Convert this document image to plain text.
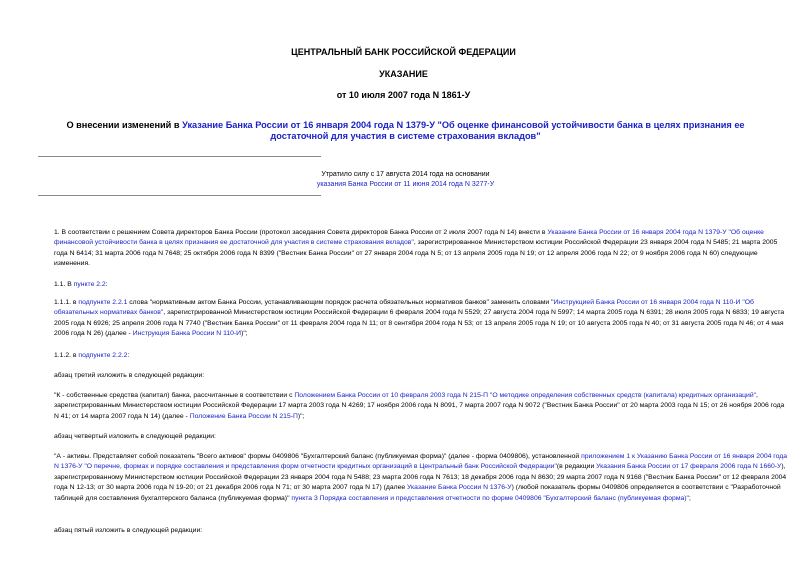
ЦЕНТРАЛЬНЫЙ БАНК РОССИЙСКОЙ ФЕДЕРАЦИИ
УКАЗАНИЕ
от 10 июля 2007 года N 1861-У
О внесении изменений в Указание Банка России от 16 января 2004 года N 1379-У "Об оценке финансовой устойчивости банка в целях признания ее достаточной для участия в системе страхования вкладов"
Утратило силу с 17 августа 2014 года на основании
указания Банка России от 11 июня 2014 года N 3277-У
1. В соответствии с решением Совета директоров Банка России (протокол заседания Совета директоров Банка России от 2 июля 2007 года N 14) внести в Указание Банка России от 16 января 2004 года N 1379-У "Об оценке финансовой устойчивости банка в целях признания ее достаточной для участия в системе страхования вкладов", зарегистрированное Министерством юстиции Российской Федерации 23 января 2004 года N 5485; 21 марта 2005 года N 6414; 31 марта 2006 года N 7648; 25 октября 2006 года N 8399 ("Вестник Банка России" от 27 января 2004 года N 5; от 13 апреля 2005 года N 19; от 12 апреля 2006 года N 22; от 9 ноября 2006 года N 60) следующие изменения.
1.1. В пункте 2.2:
1.1.1. в подпункте 2.2.1 слова "нормативным актом Банка России, устанавливающим порядок расчета обязательных нормативов банков" заменить словами "Инструкцией Банка России от 16 января 2004 года N 110-И "Об обязательных нормативах банков", зарегистрированной Министерством юстиции Российской Федерации 6 февраля 2004 года N 5529; 27 августа 2004 года N 5997; 14 марта 2005 года N 6391; 28 июля 2005 года N 6833; 19 августа 2005 года N 6926; 25 апреля 2006 года N 7740 ("Вестник Банка России" от 11 февраля 2004 года N 11; от 8 сентября 2004 года N 53; от 13 апреля 2005 года N 19; от 10 августа 2005 года N 40; от 31 августа 2005 года N 46; от 4 мая 2006 года N 26) (далее - Инструкция Банка России N 110-И)";
1.1.2. в подпункте 2.2.2:
абзац третий изложить в следующей редакции:
"К - собственные средства (капитал) банка, рассчитанные в соответствии с Положением Банка России от 10 февраля 2003 года N 215-П "О методике определения собственных средств (капитала) кредитных организаций", зарегистрированным Министерством юстиции Российской Федерации 17 марта 2003 года N 4269; 17 ноября 2006 года N 8091, 7 марта 2007 года N 9072 ("Вестник Банка России" от 20 марта 2003 года N 15; от 26 ноября 2006 года N 41; от 14 марта 2007 года N 14) (далее - Положение Банка России N 215-П)";
абзац четвертый изложить в следующей редакции:
"А - активы. Представляет собой показатель "Всего активов" формы 0409806 "Бухгалтерский баланс (публикуемая форма)" (далее - форма 0409806), установленной приложением 1 к Указанию Банка России от 16 января 2004 года N 1376-У "О перечне, формах и порядке составления и представления форм отчетности кредитных организаций в Центральный банк Российской Федерации"(в редакции Указания Банка России от 17 февраля 2006 года N 1660-У), зарегистрированному Министерством юстиции Российской Федерации 23 января 2004 года N 5488; 23 марта 2006 года N 7613; 18 декабря 2006 года N 8630; 29 марта 2007 года N 9168 ("Вестник Банка России" от 12 февраля 2004 года N 12-13; от 30 марта 2006 года N 19-20; от 21 декабря 2006 года N 71; от 30 марта 2007 года N 17) (далее Указание Банка России N 1376-У) (любой показатель формы 0409806 определяется в соответствии с "Разработочной таблицей для составления бухгалтерского баланса (публикуемая форма)" пункта 3 Порядка составления и представления отчетности по форме 0409806 "Бухгалтерский баланс (публикуемая форма)";
абзац пятый изложить в следующей редакции:
